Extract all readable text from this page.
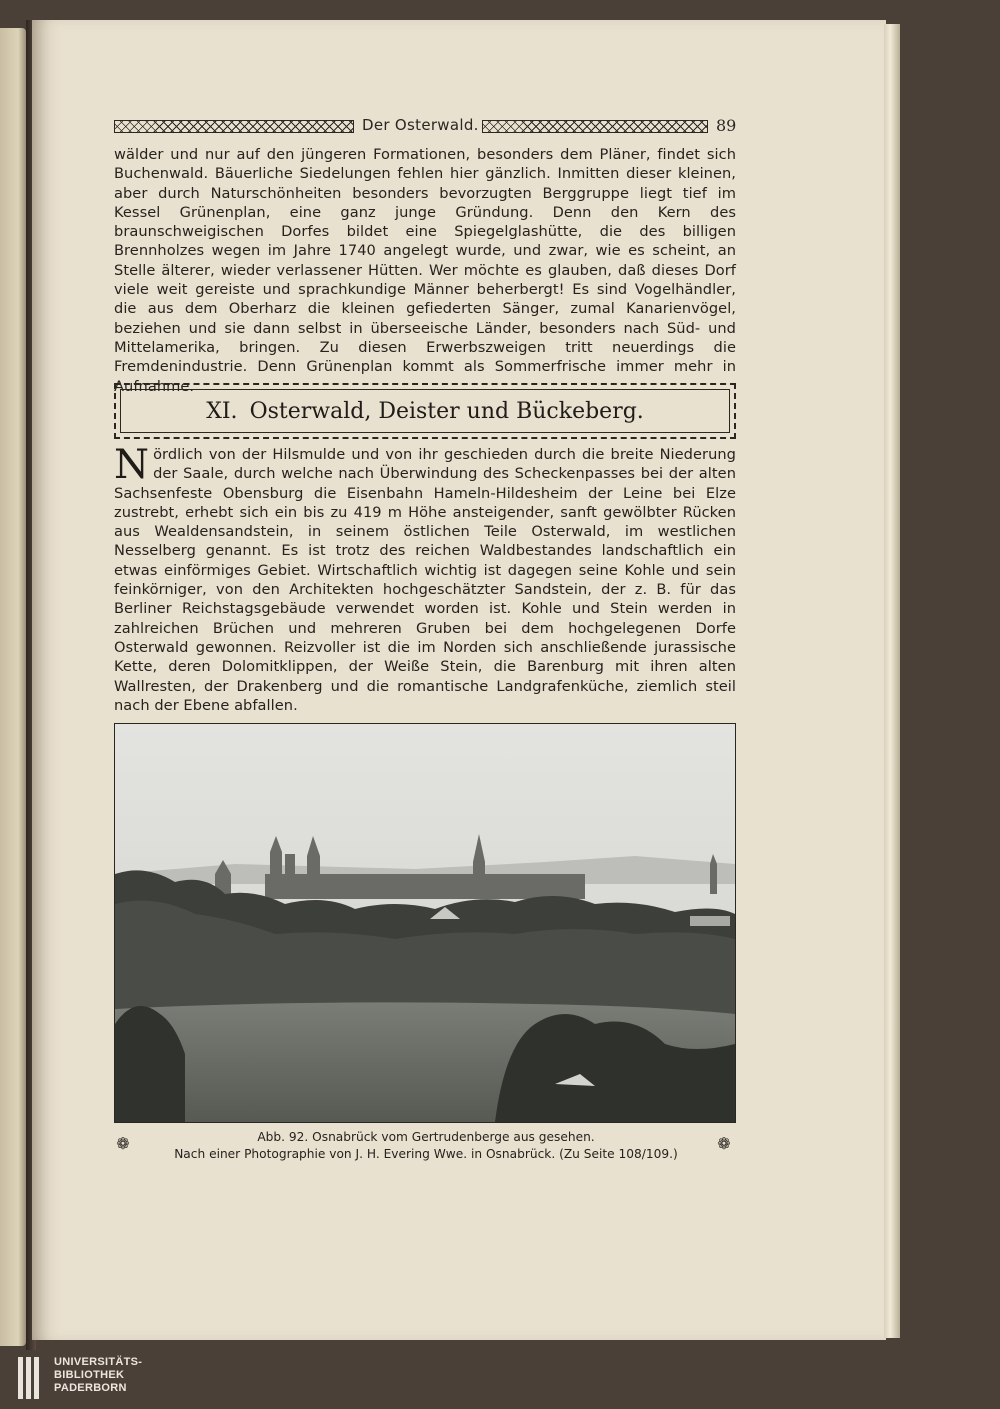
Der Osterwald.	89

wälder und nur auf den jüngeren Formationen, besonders dem Pläner, findet sich Buchenwald. Bäuerliche Siedelungen fehlen hier gänzlich. Inmitten dieser kleinen, aber durch Naturschönheiten besonders bevorzugten Berggruppe liegt tief im Kessel Grünenplan, eine ganz junge Gründung. Denn den Kern des braunschweigischen Dorfes bildet eine Spiegelglashütte, die des billigen Brennholzes wegen im Jahre 1740 angelegt wurde, und zwar, wie es scheint, an Stelle älterer, wieder verlassener Hütten. Wer möchte es glauben, daß dieses Dorf viele weit gereiste und sprachkundige Männer beherbergt! Es sind Vogelhändler, die aus dem Oberharz die kleinen gefiederten Sänger, zumal Kanarienvögel, beziehen und sie dann selbst in überseeische Länder, besonders nach Süd- und Mittelamerika, bringen. Zu diesen Erwerbszweigen tritt neuerdings die Fremdenindustrie. Denn Grünenplan kommt als Sommerfrische immer mehr in Aufnahme.

XI. Osterwald, Deister und Bückeberg.

Nördlich von der Hilsmulde und von ihr geschieden durch die breite Niederung der Saale, durch welche nach Überwindung des Scheckenpasses bei der alten Sachsenfeste Obensburg die Eisenbahn Hameln-Hildesheim der Leine bei Elze zustrebt, erhebt sich ein bis zu 419 m Höhe ansteigender, sanft gewölbter Rücken aus Wealdensandstein, in seinem östlichen Teile Osterwald, im westlichen Nesselberg genannt. Es ist trotz des reichen Waldbestandes landschaftlich ein etwas einförmiges Gebiet. Wirtschaftlich wichtig ist dagegen seine Kohle und sein feinkörniger, von den Architekten hochgeschätzter Sandstein, der z. B. für das Berliner Reichstagsgebäude verwendet worden ist. Kohle und Stein werden in zahlreichen Brüchen und mehreren Gruben bei dem hochgelegenen Dorfe Osterwald gewonnen. Reizvoller ist die im Norden sich anschließende jurassische Kette, deren Dolomitklippen, der Weiße Stein, die Barenburg mit ihren alten Wallresten, der Drakenberg und die romantische Landgrafenküche, ziemlich steil nach der Ebene abfallen.

❁	Abb. 92. Osnabrück vom Gertrudenberge aus gesehen.
Nach einer Photographie von J. H. Evering Wwe. in Osnabrück. (Zu Seite 108/109.)
❁
UNIVERSITÄTS-
BIBLIOTHEK
PADERBORN
